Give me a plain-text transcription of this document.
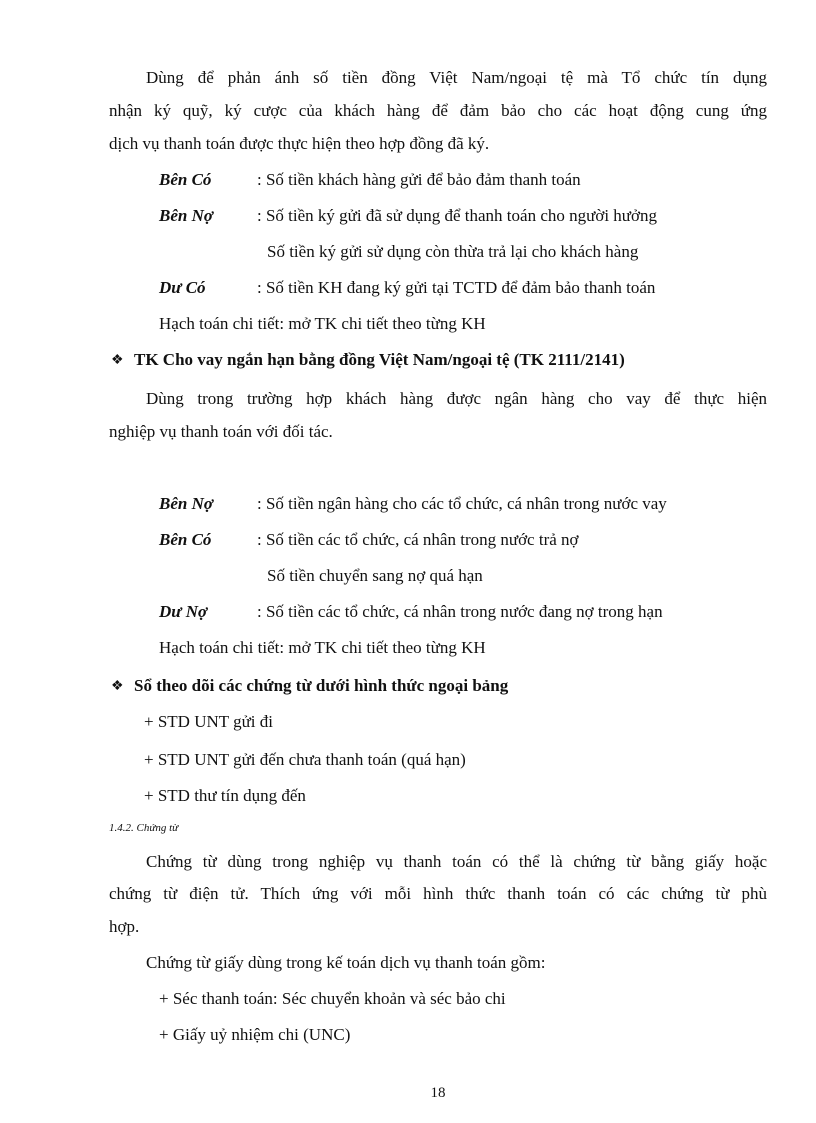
Dùng để phản ánh số tiền đồng Việt Nam/ngoại tệ mà Tổ chức tín dụng
nhận ký quỹ, ký cược của khách hàng để đảm bảo cho các hoạt động cung ứng
dịch vụ thanh toán được thực hiện theo hợp đồng đã ký.
Bên Có	: Số tiền khách hàng gửi để bảo đảm thanh toán
Bên Nợ	: Số tiền ký gửi đã sử dụng để thanh toán cho người hưởng
Số tiền ký gửi sử dụng còn thừa trả lại cho khách hàng
Dư Có	: Số tiền KH đang ký gửi tại TCTD để đảm bảo thanh toán
Hạch toán chi tiết: mở TK chi tiết theo từng KH
❖ TK Cho vay ngắn hạn bằng đồng Việt Nam/ngoại tệ (TK 2111/2141)
Dùng trong trường hợp khách hàng được ngân hàng cho vay để thực hiện
nghiệp vụ thanh toán với đối tác.
Bên Nợ	: Số tiền ngân hàng cho các tổ chức, cá nhân trong nước vay
Bên Có	: Số tiền các tổ chức, cá nhân trong nước trả nợ
Số tiền chuyển sang nợ quá hạn
Dư Nợ	: Số tiền các tổ chức, cá nhân trong nước đang nợ trong hạn
Hạch toán chi tiết: mở TK chi tiết theo từng KH
❖ Sổ theo dõi các chứng từ dưới hình thức ngoại bảng
+ STD UNT gửi đi
+ STD UNT gửi đến chưa thanh toán (quá hạn)
+ STD thư tín dụng đến
1.4.2. Chứng từ
Chứng từ dùng trong nghiệp vụ thanh toán có thể là chứng từ bằng giấy hoặc
chứng từ điện tử. Thích ứng với mỗi hình thức thanh toán có các chứng từ phù
hợp.
Chứng từ giấy dùng trong kế toán dịch vụ thanh toán gồm:
+ Séc thanh toán: Séc chuyển khoản và séc bảo chi
+ Giấy uỷ nhiệm chi (UNC)
18
